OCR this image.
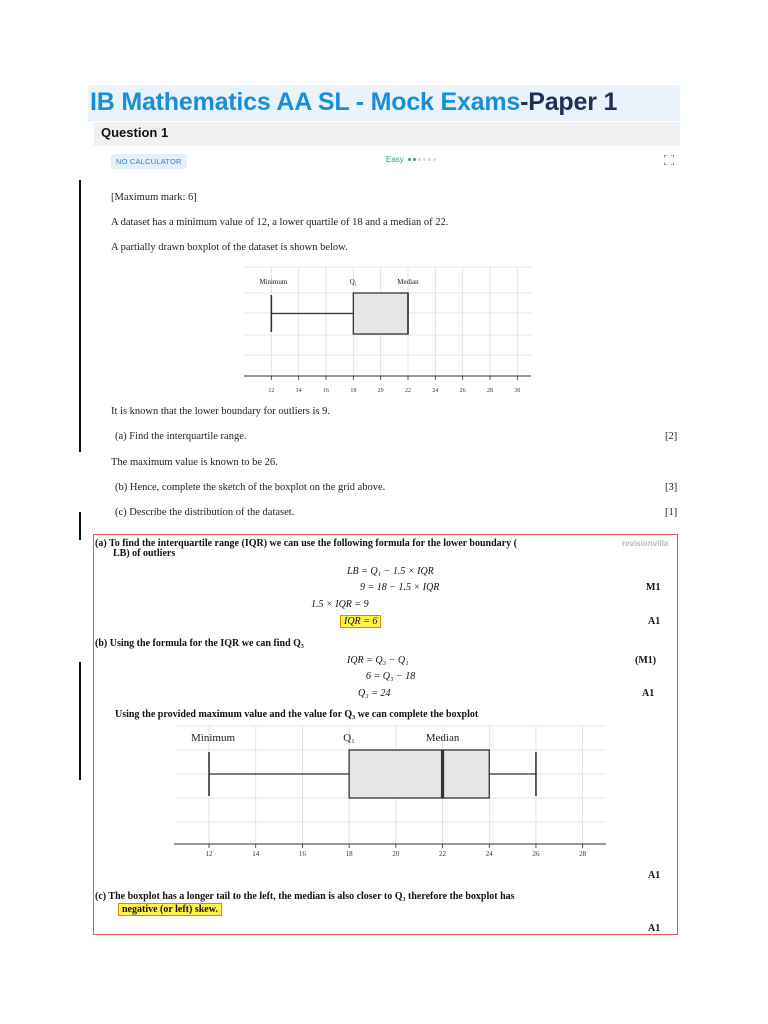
IB Mathematics AA SL - Mock Exams-Paper 1
Question 1
NO CALCULATOR	Easy
[Maximum mark: 6]
A dataset has a minimum value of 12, a lower quartile of 18 and a median of 22.
A partially drawn boxplot of the dataset is shown below.
12	14	16	18	20	22	24	26	28	30
Minimum	Q₁	Median
It is known that the lower boundary for outliers is 9.
(a) Find the interquartile range.	[2]
The maximum value is known to be 26.
(b) Hence, complete the sketch of the boxplot on the grid above.	[3]
(c) Describe the distribution of the dataset.	[1]
revisionvilla
(a) To find the interquartile range (IQR) we can use the following formula for the lower boundary (
LB) of outliers
LB = Q₁ − 1.5 × IQR
9 = 18 − 1.5 × IQR	M1
1.5 × IQR = 9
IQR = 6	A1
(b) Using the formula for the IQR we can find Q₃
IQR = Q₃ − Q₁	(M1)
6 = Q₃ − 18
Q₃ = 24	A1
Using the provided maximum value and the value for Q₃ we can complete the boxplot
12	14	16	18	20	22	24	26	28
Minimum	Q₁	Median
A1
(c) The boxplot has a longer tail to the left, the median is also closer to Q₃ therefore the boxplot has
negative (or left) skew.
A1
